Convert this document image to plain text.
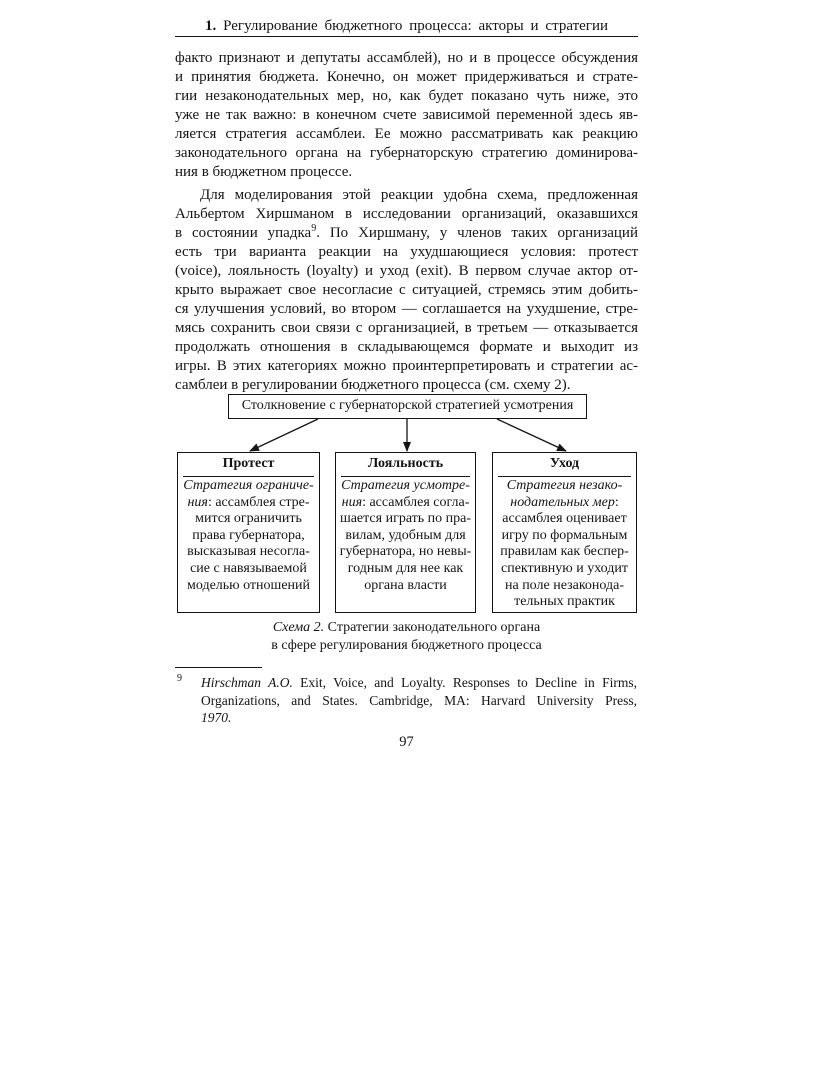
1. Регулирование бюджетного процесса: акторы и стратегии
факто признают и депутаты ассамблей), но и в процессе обсуждения
и принятия бюджета. Конечно, он может придерживаться и страте-
гии незаконодательных мер, но, как будет показано чуть ниже, это
уже не так важно: в конечном счете зависимой переменной здесь яв-
ляется стратегия ассамблеи. Ее можно рассматривать как реакцию
законодательного органа на губернаторскую стратегию доминирова-
ния в бюджетном процессе.
Для моделирования этой реакции удобна схема, предложенная
Альбертом Хиршманом в исследовании организаций, оказавшихся
в состоянии упадка$^9$. По Хиршману, у членов таких организаций
есть три варианта реакции на ухудшающиеся условия: протест
(voice), лояльность (loyalty) и уход (exit). В первом случае актор от-
крыто выражает свое несогласие с ситуацией, стремясь этим добить-
ся улучшения условий, во втором — соглашается на ухудшение, стре-
мясь сохранить свои связи с организацией, в третьем — отказывается
продолжать отношения в складывающемся формате и выходит из
игры. В этих категориях можно проинтерпретировать и стратегии ас-
самблеи в регулировании бюджетного процесса (см. схему 2).
Столкновение с губернаторской стратегией усмотрения
Протест
Стратегия ограниче-
ния: ассамблея стре-
мится ограничить
права губернатора,
высказывая несогла-
сие с навязываемой
моделью отношений
Лояльность
Стратегия усмотре-
ния: ассамблея согла-
шается играть по пра-
вилам, удобным для
губернатора, но невы-
годным для нее как
органа власти
Уход
Стратегия незако-
нодательных мер:
ассамблея оценивает
игру по формальным
правилам как беспер-
спективную и уходит
на поле незаконода-
тельных практик
Схема 2. Стратегии законодательного органа
в сфере регулирования бюджетного процесса
9 Hirschman A.O. Exit, Voice, and Loyalty. Responses to Decline in Firms,
Organizations, and States. Cambridge, MA: Harvard University Press,
1970.
97
